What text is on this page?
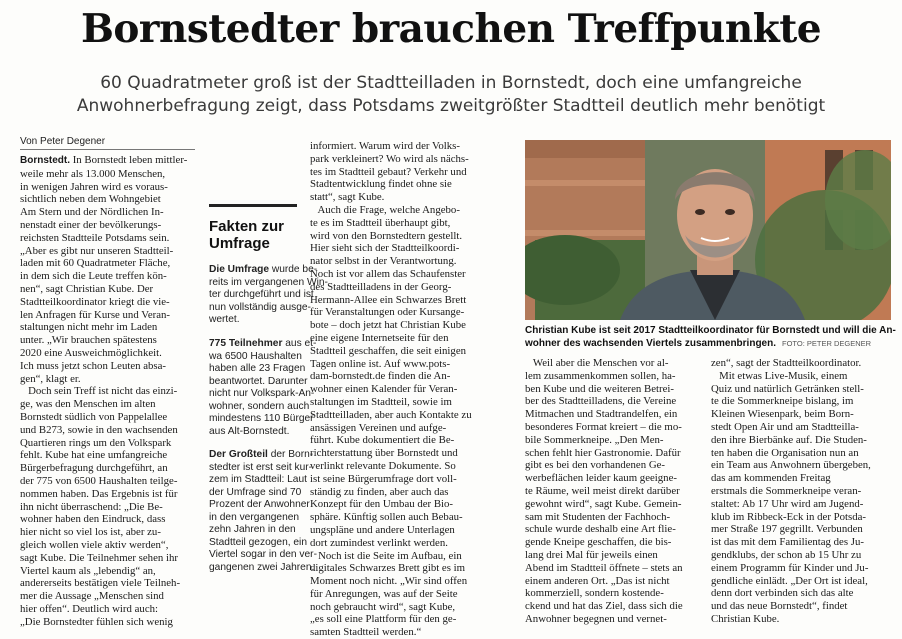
Bornstedter brauchen Treffpunkte
60 Quadratmeter groß ist der Stadtteilladen in Bornstedt, doch eine umfangreiche
Anwohnerbefragung zeigt, dass Potsdams zweitgrößter Stadtteil deutlich mehr benötigt
Von Peter Degener

Bornstedt. In Bornstedt leben mittler-

weile mehr als 13.000 Menschen,

in wenigen Jahren wird es voraus-

sichtlich neben dem Wohngebiet

Am Stern und der Nördlichen In-

nenstadt einer der bevölkerungs-

reichsten Stadtteile Potsdams sein.

„Aber es gibt nur unseren Stadtteil-

laden mit 60 Quadratmeter Fläche,

in dem sich die Leute treffen kön-

nen“, sagt Christian Kube. Der

Stadtteilkoordinator kriegt die vie-

len Anfragen für Kurse und Veran-

staltungen nicht mehr im Laden

unter. „Wir brauchen spätestens

2020 eine Ausweichmöglichkeit.

Ich muss jetzt schon Leuten absa-

gen“, klagt er.

Doch sein Treff ist nicht das einzi-

ge, was den Menschen im alten

Bornstedt südlich von Pappelallee

und B273, sowie in den wachsenden

Quartieren rings um den Volkspark

fehlt. Kube hat eine umfangreiche

Bürgerbefragung durchgeführt, an

der 775 von 6500 Haushalten teilge-

nommen haben. Das Ergebnis ist für

ihn nicht überraschend: „Die Be-

wohner haben den Eindruck, dass

hier nicht so viel los ist, aber zu-

gleich wollen viele aktiv werden“,

sagt Kube. Die Teilnehmer sehen ihr

Viertel kaum als „lebendig“ an,

andererseits bestätigen viele Teilneh-

mer die Aussage „Menschen sind

hier offen“. Deutlich wird auch:

„Die Bornstedter fühlen sich wenig

Fakten zur
Umfrage
Die Umfrage wurde be-
reits im vergangenen Win-
ter durchgeführt und ist
nun vollständig ausge-
wertet.
775 Teilnehmer aus et-
wa 6500 Haushalten
haben alle 23 Fragen
beantwortet. Darunter
nicht nur Volkspark-An-
wohner, sondern auch
mindestens 110 Bürger
aus Alt-Bornstedt.
Der Großteil der Born-
stedter ist erst seit kur-
zem im Stadtteil: Laut
der Umfrage sind 70
Prozent der Anwohner
in den vergangenen
zehn Jahren in den
Stadtteil gezogen, ein
Viertel sogar in den ver-
gangenen zwei Jahren.

informiert. Warum wird der Volks-

park verkleinert? Wo wird als nächs-

tes im Stadtteil gebaut? Verkehr und

Stadtentwicklung findet ohne sie

statt“, sagt Kube.

Auch die Frage, welche Angebo-

te es im Stadtteil überhaupt gibt,

wird von den Bornstedtern gestellt.

Hier sieht sich der Stadtteilkoordi-

nator selbst in der Verantwortung.

Noch ist vor allem das Schaufenster

des Stadtteilladens in der Georg-

Hermann-Allee ein Schwarzes Brett

für Veranstaltungen oder Kursange-

bote – doch jetzt hat Christian Kube

eine eigene Internetseite für den

Stadtteil geschaffen, die seit einigen

Tagen online ist. Auf www.pots-

dam-bornstedt.de finden die An-

wohner einen Kalender für Veran-

staltungen im Stadtteil, sowie im

Stadtteilladen, aber auch Kontakte zu

ansässigen Vereinen und aufge-

führt. Kube dokumentiert die Be-

richterstattung über Bornstedt und

verlinkt relevante Dokumente. So

ist seine Bürgerumfrage dort voll-

ständig zu finden, aber auch das

Konzept für den Umbau der Bio-

sphäre. Künftig sollen auch Bebau-

ungspläne und andere Unterlagen

dort zumindest verlinkt werden.

Noch ist die Seite im Aufbau, ein

digitales Schwarzes Brett gibt es im

Moment noch nicht. „Wir sind offen

für Anregungen, was auf der Seite

noch gebraucht wird“, sagt Kube,

„es soll eine Plattform für den ge-

samten Stadtteil werden.“

Christian Kube ist seit 2017 Stadtteilkoordinator für Bornstedt und will die An-
wohner des wachsenden Viertels zusammenbringen. FOTO: PETER DEGENER

Weil aber die Menschen vor al-

lem zusammenkommen sollen, ha-

ben Kube und die weiteren Betrei-

ber des Stadtteilladens, die Vereine

Mitmachen und Stadtrandelfen, ein

besonderes Format kreiert – die mo-

bile Sommerkneipe. „Den Men-

schen fehlt hier Gastronomie. Dafür

gibt es bei den vorhandenen Ge-

werbeflächen leider kaum geeigne-

te Räume, weil meist direkt darüber

gewohnt wird“, sagt Kube. Gemein-

sam mit Studenten der Fachhoch-

schule wurde deshalb eine Art flie-

gende Kneipe geschaffen, die bis-

lang drei Mal für jeweils einen

Abend im Stadtteil öffnete – stets an

einem anderen Ort. „Das ist nicht

kommerziell, sondern kostende-

ckend und hat das Ziel, dass sich die

Anwohner begegnen und vernet-

zen“, sagt der Stadtteilkoordinator.

Mit etwas Live-Musik, einem

Quiz und natürlich Getränken stell-

te die Sommerkneipe bislang, im

Kleinen Wiesenpark, beim Born-

stedt Open Air und am Stadtteilla-

den ihre Bierbänke auf. Die Studen-

ten haben die Organisation nun an

ein Team aus Anwohnern übergeben,

das am kommenden Freitag

erstmals die Sommerkneipe veran-

staltet: Ab 17 Uhr wird am Jugend-

klub im Ribbeck-Eck in der Potsda-

mer Straße 197 gegrillt. Verbunden

ist das mit dem Familientag des Ju-

gendklubs, der schon ab 15 Uhr zu

einem Programm für Kinder und Ju-

gendliche einlädt. „Der Ort ist ideal,

denn dort verbinden sich das alte

und das neue Bornstedt“, findet

Christian Kube.
